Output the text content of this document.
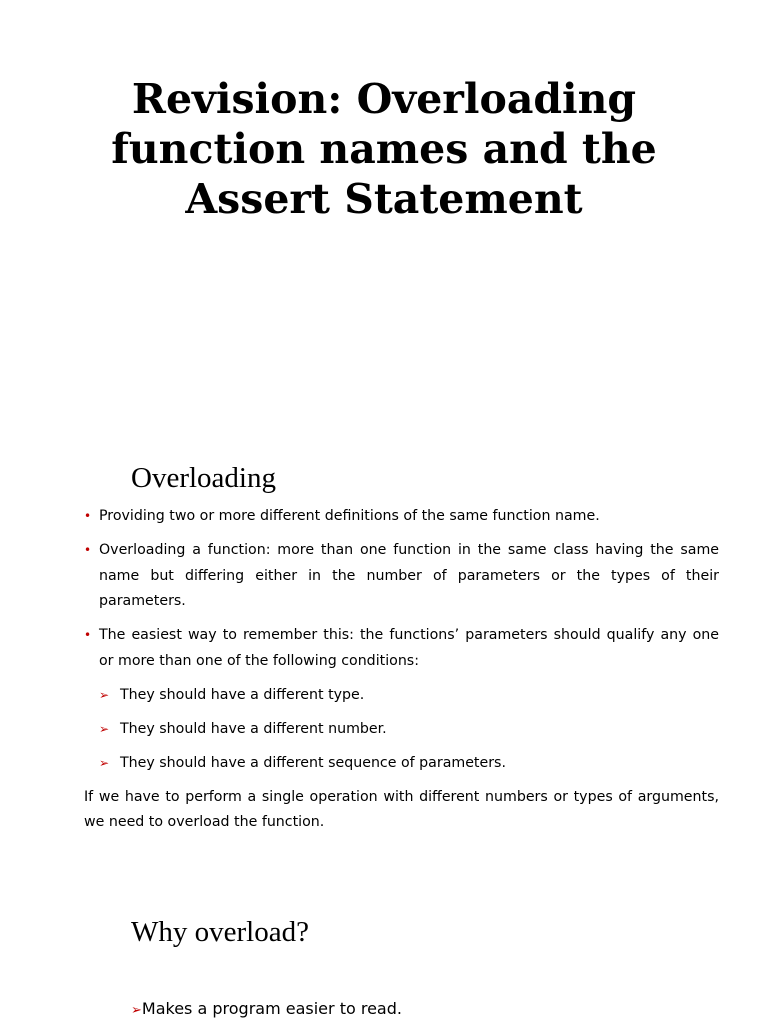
Revision: Overloading
function names and the
Assert Statement
Overloading
• Providing two or more different definitions of the same function name.
• Overloading a function: more than one function in the same class having the same name but differing either in the number of parameters or the types of their parameters.
• The easiest way to remember this: the functions’ parameters should qualify any one or more than one of the following conditions:
➢ They should have a different type.
➢ They should have a different number.
➢ They should have a different sequence of parameters.

If we have to perform a single operation with different numbers or types of arguments, we need to overload the function.

Why overload?
➢Makes a program easier to read.
